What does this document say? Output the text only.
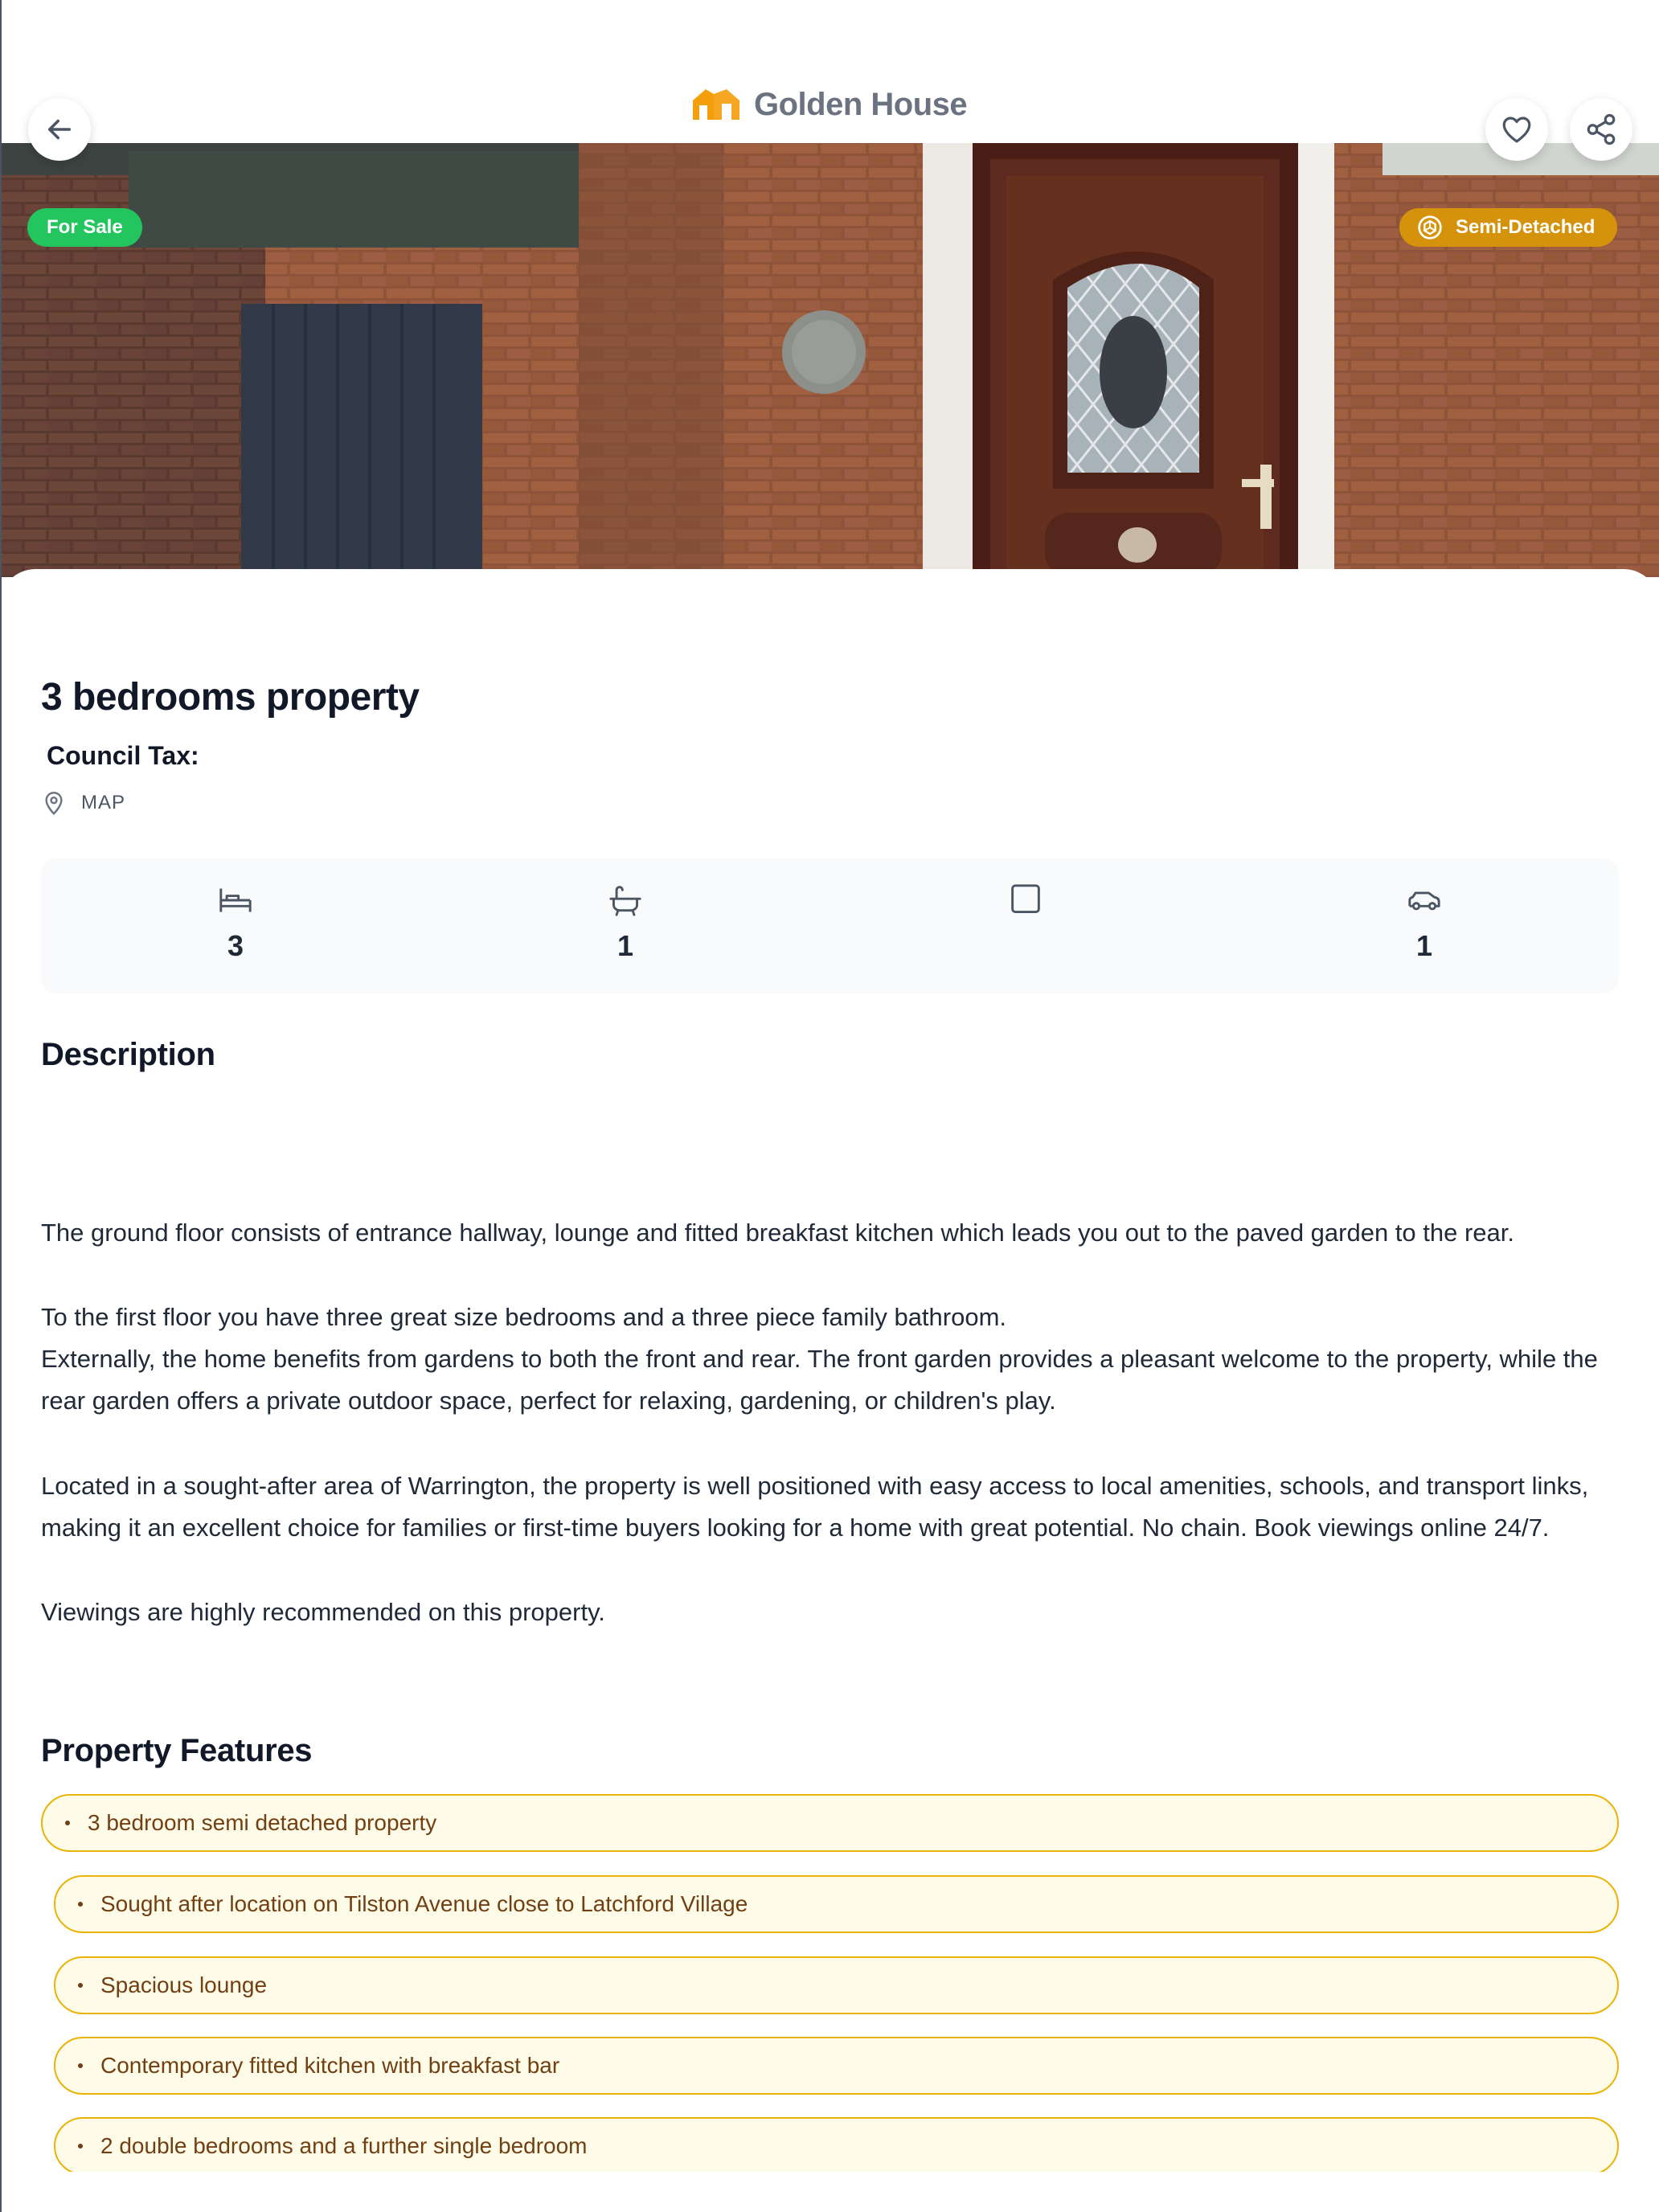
Golden House
For Sale	Semi-Detached
3 bedrooms property
Council Tax:
MAP
3	1	1
Description

The ground floor consists of entrance hallway, lounge and fitted breakfast kitchen which leads you out to the paved garden to the rear.

To the first floor you have three great size bedrooms and a three piece family bathroom.
Externally, the home benefits from gardens to both the front and rear. The front garden provides a pleasant welcome to the property, while the rear garden offers a private outdoor space, perfect for relaxing, gardening, or children's play.

Located in a sought-after area of Warrington, the property is well positioned with easy access to local amenities, schools, and transport links, making it an excellent choice for families or first-time buyers looking for a home with great potential. No chain. Book viewings online 24/7.

Viewings are highly recommended on this property.

Property Features
3 bedroom semi detached property
Sought after location on Tilston Avenue close to Latchford Village
Spacious lounge
Contemporary fitted kitchen with breakfast bar
2 double bedrooms and a further single bedroom
